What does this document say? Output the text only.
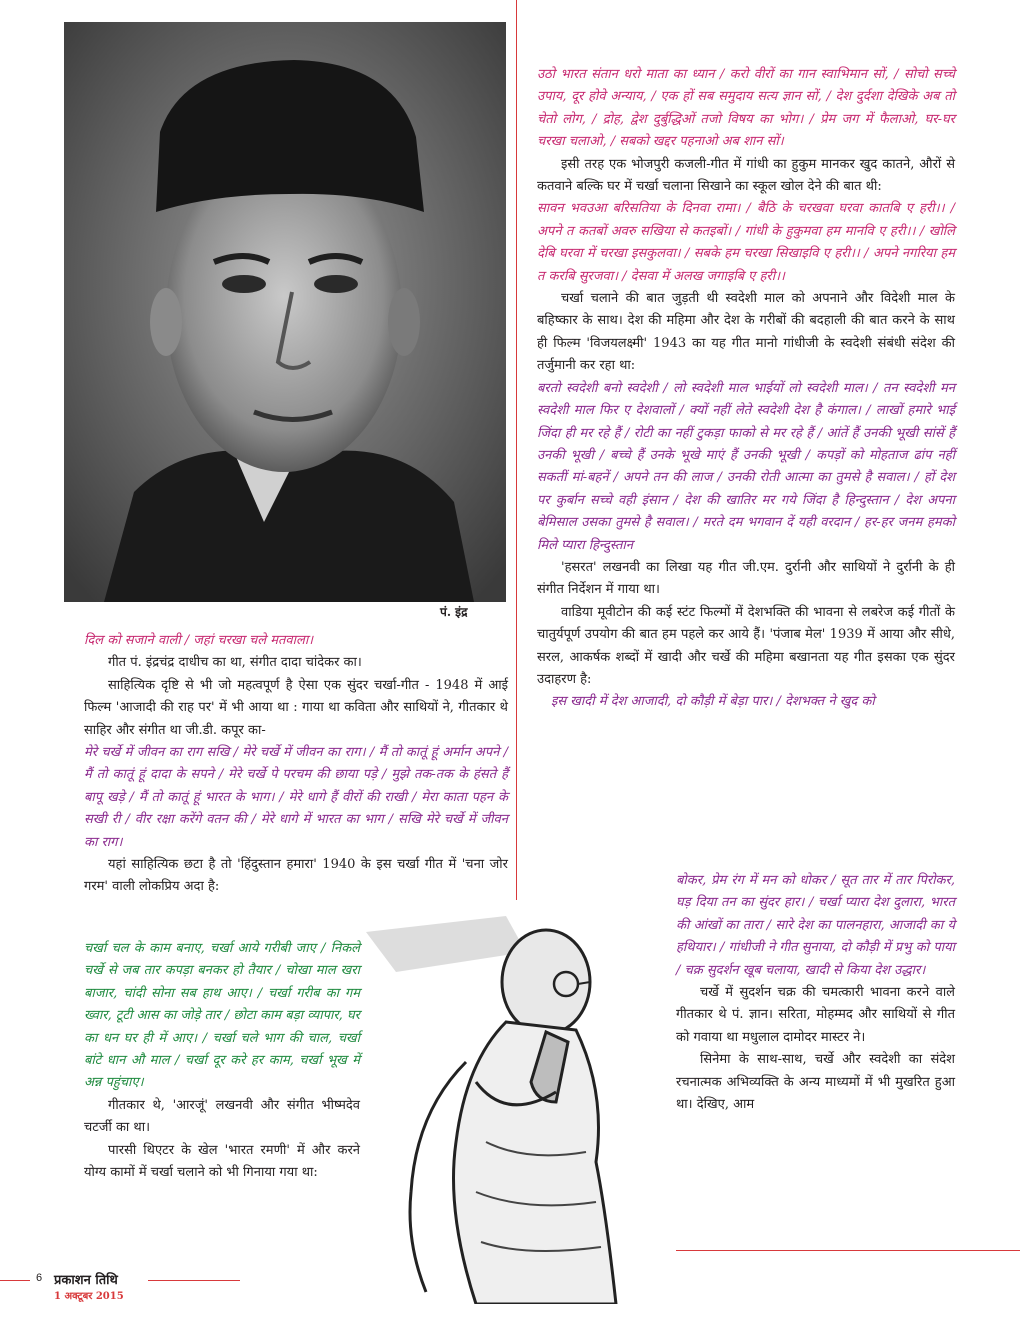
पं. इंद्र

उठो भारत संतान धरो माता का ध्यान / करो वीरों का गान स्वाभिमान सों, / सोचो सच्चे उपाय, दूर होवे अन्याय, / एक हों सब समुदाय सत्य ज्ञान सों, / देश दुर्दशा देखिके अब तो चेतो लोग, / द्रोह, द्वेश दुर्बुद्धिओं तजो विषय का भोग। / प्रेम जग में फैलाओ, घर-घर चरखा चलाओ, / सबको खद्दर पहनाओ अब शान सों।

इसी तरह एक भोजपुरी कजली-गीत में गांधी का हुकुम मानकर खुद कातने, औरों से कतवाने बल्कि घर में चर्खा चलाना सिखाने का स्कूल खोल देने की बात थी:

सावन भवउआ बरिसतिया के दिनवा रामा। / बैठि के चरखवा घरवा कातबि ए हरी।। / अपने त कतबों अवरु सखिया से कतइबों। / गांधी के हुकुमवा हम मानवि ए हरी।। / खोलि देबि घरवा में चरखा इसकुलवा। / सबके हम चरखा सिखाइवि ए हरी।। / अपने नगरिया हम त करबि सुरजवा। / देसवा में अलख जगाइबि ए हरी।।

चर्खा चलाने की बात जुड़ती थी स्वदेशी माल को अपनाने और विदेशी माल के बहिष्कार के साथ। देश की महिमा और देश के गरीबों की बदहाली की बात करने के साथ ही फिल्म 'विजयलक्ष्मी' 1943 का यह गीत मानो गांधीजी के स्वदेशी संबंधी संदेश की तर्जुमानी कर रहा था:

बरतो स्वदेशी बनो स्वदेशी / लो स्वदेशी माल भाईयों लो स्वदेशी माल। / तन स्वदेशी मन स्वदेशी माल फिर ए देशवालों / क्यों नहीं लेते स्वदेशी देश है कंगाल। / लाखों हमारे भाई जिंदा ही मर रहे हैं / रोटी का नहीं टुकड़ा फाको से मर रहे हैं / आंतें हैं उनकी भूखी सांसें हैं उनकी भूखी / बच्चे हैं उनके भूखे माएं हैं उनकी भूखी / कपड़ों को मोहताज ढांप नहीं सकतीं मां-बहनें / अपने तन की लाज / उनकी रोती आत्मा का तुमसे है सवाल। / हों देश पर कुर्बान सच्चे वही इंसान / देश की खातिर मर गये जिंदा है हिन्दुस्तान / देश अपना बेमिसाल उसका तुमसे है सवाल। / मरते दम भगवान दें यही वरदान / हर-हर जनम हमको मिले प्यारा हिन्दुस्तान

'हसरत' लखनवी का लिखा यह गीत जी.एम. दुर्रानी और साथियों ने दुर्रानी के ही संगीत निर्देशन में गाया था।

वाडिया मूवीटोन की कई स्टंट फिल्मों में देशभक्ति की भावना से लबरेज कई गीतों के चातुर्यपूर्ण उपयोग की बात हम पहले कर आये हैं। 'पंजाब मेल' 1939 में आया और सीधे, सरल, आकर्षक शब्दों में खादी और चर्खे की महिमा बखानता यह गीत इसका एक सुंदर उदाहरण है:

इस खादी में देश आजादी, दो कौड़ी में बेड़ा पार। / देशभक्त ने खुद को

बोकर, प्रेम रंग में मन को धोकर / सूत तार में तार पिरोकर, घड़ दिया तन का सुंदर हार। / चर्खा प्यारा देश दुलारा, भारत की आंखों का तारा / सारे देश का पालनहारा, आजादी का ये हथियार। / गांधीजी ने गीत सुनाया, दो कौड़ी में प्रभु को पाया / चक्र सुदर्शन खूब चलाया, खादी से किया देश उद्धार।

चर्खे में सुदर्शन चक्र की चमत्कारी भावना करने वाले गीतकार थे पं. ज्ञान। सरिता, मोहम्मद और साथियों से गीत को गवाया था मधुलाल दामोदर मास्टर ने।

सिनेमा के साथ-साथ, चर्खे और स्वदेशी का संदेश रचनात्मक अभिव्यक्ति के अन्य माध्यमों में भी मुखरित हुआ था। देखिए, आम

दिल को सजाने वाली / जहां चरखा चले मतवाला।

गीत पं. इंद्रचंद्र दाधीच का था, संगीत दादा चांदेकर का।

साहित्यिक दृष्टि से भी जो महत्वपूर्ण है ऐसा एक सुंदर चर्खा-गीत - 1948 में आई फिल्म 'आजादी की राह पर' में भी आया था : गाया था कविता और साथियों ने, गीतकार थे साहिर और संगीत था जी.डी. कपूर का-

मेरे चर्खे में जीवन का राग सखि / मेरे चर्खे में जीवन का राग। / मैं तो कातूं हूं अर्मान अपने / मैं तो कातूं हूं दादा के सपने / मेरे चर्खे पे परचम की छाया पड़े / मुझे तक-तक के हंसते हैं बापू खड़े / मैं तो कातूं हूं भारत के भाग। / मेरे धागे हैं वीरों की राखी / मेरा काता पहन के सखी री / वीर रक्षा करेंगे वतन की / मेरे धागे में भारत का भाग / सखि मेरे चर्खे में जीवन का राग।

यहां साहित्यिक छटा है तो 'हिंदुस्तान हमारा' 1940 के इस चर्खा गीत में 'चना जोर गरम' वाली लोकप्रिय अदा है:

चर्खा चल के काम बनाए, चर्खा आये गरीबी जाए / निकले चर्खे से जब तार कपड़ा बनकर हो तैयार / चोखा माल खरा बाजार, चांदी सोना सब हाथ आए। / चर्खा गरीब का गम ख्वार, टूटी आस का जोड़े तार / छोटा काम बड़ा व्यापार, घर का धन घर ही में आए। / चर्खा चले भाग की चाल, चर्खा बांटे धान औ माल / चर्खा दूर करे हर काम, चर्खा भूख में अन्न पहुंचाए।

गीतकार थे, 'आरजूं' लखनवी और संगीत भीष्मदेव चटर्जी का था।

पारसी थिएटर के खेल 'भारत रमणी' में और करने योग्य कामों में चर्खा चलाने को भी गिनाया गया था:

6 प्रकाशन तिथि
1 अक्टूबर 2015
